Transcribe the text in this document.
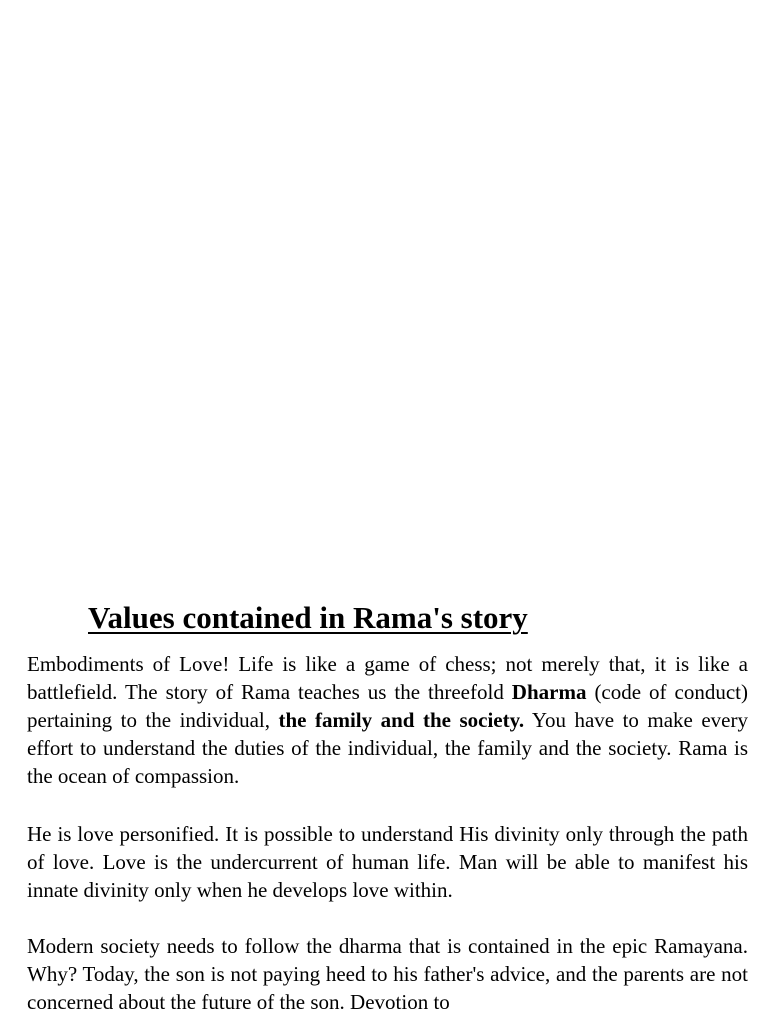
Values contained in Rama's story

Embodiments of Love! Life is like a game of chess; not merely that, it is like a battlefield. The story of Rama teaches us the threefold Dharma (code of conduct) pertaining to the individual, the family and the society. You have to make every effort to understand the duties of the individual, the family and the society. Rama is the ocean of compassion.

He is love personified. It is possible to understand His divinity only through the path of love. Love is the undercurrent of human life. Man will be able to manifest his innate divinity only when he develops love within.

Modern society needs to follow the dharma that is contained in the epic Ramayana. Why? Today, the son is not paying heed to his father's advice, and the parents are not concerned about the future of the son. Devotion to
